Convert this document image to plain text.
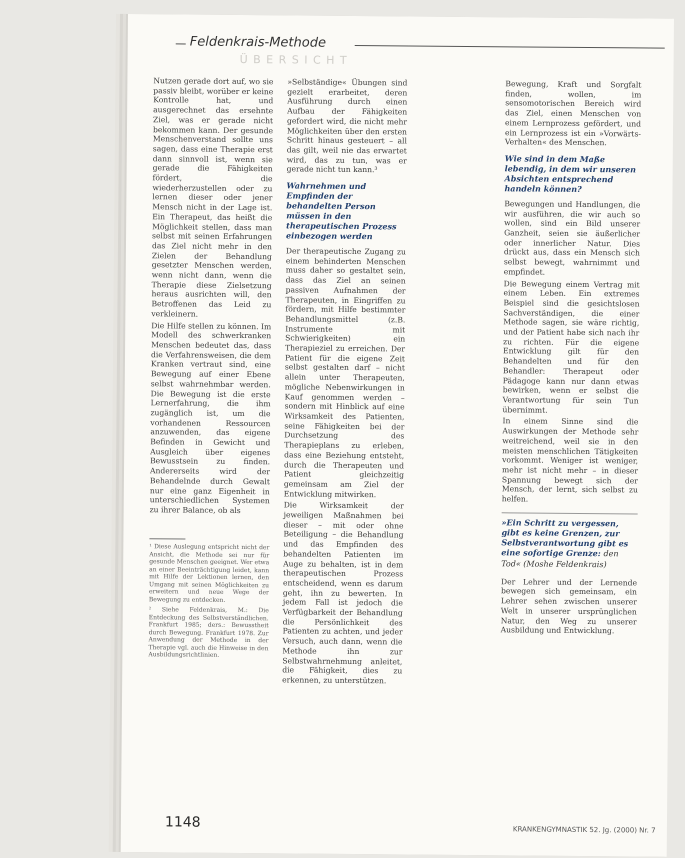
Feldenkrais-Methode
Ü B E R S I C H T

Nutzen gerade dort auf, wo sie passiv bleibt, worüber er keine Kontrolle hat, und ausgerechnet das ersehnte Ziel, was er gerade nicht bekommen kann. Der gesunde Menschenverstand sollte uns sagen, dass eine Therapie erst dann sinnvoll ist, wenn sie gerade die Fähigkeiten fördert, die wiederherzustellen oder zu lernen dieser oder jener Mensch nicht in der Lage ist. Ein Therapeut, das heißt die Möglichkeit stellen, dass man selbst mit seinen Erfahrungen das Ziel nicht mehr in den Zielen der Behandlung gesetzter Menschen werden, wenn nicht dann, wenn die Therapie diese Zielsetzung heraus ausrichten will, den Betroffenen das Leid zu verkleinern.

Die Hilfe stellen zu können. Im Modell des schwerkranken Menschen bedeutet das, dass die Verfahrensweisen, die dem Kranken vertraut sind, eine Bewegung auf einer Ebene selbst wahrnehmbar werden. Die Bewegung ist die erste Lernerfahrung, die ihm zugänglich ist, um die vorhandenen Ressourcen anzuwenden, das eigene Befinden in Gewicht und Ausgleich über eigenes Bewusstsein zu finden. Andererseits wird der Behandelnde durch Gewalt nur eine ganz Eigenheit in unterschiedlichen Systemen zu ihrer Balance, ob als

¹ Diese Auslegung entspricht nicht der Ansicht, die Methode sei nur für gesunde Menschen geeignet. Wer etwa an einer Beeinträchtigung leidet, kann mit Hilfe der Lektionen lernen, den Umgang mit seinen Möglichkeiten zu erweitern und neue Wege der Bewegung zu entdecken.

² Siehe Feldenkrais, M.: Die Entdeckung des Selbstverständlichen. Frankfurt 1985; ders.: Bewusstheit durch Bewegung. Frankfurt 1978. Zur Anwendung der Methode in der Therapie vgl. auch die Hinweise in den Ausbildungsrichtlinien.

»Selbständige« Übungen sind gezielt erarbeitet, deren Ausführung durch einen Aufbau der Fähigkeiten gefordert wird, die nicht mehr Möglichkeiten über den ersten Schritt hinaus gesteuert – all das gilt, weil nie das erwartet wird, das zu tun, was er gerade nicht tun kann.³

Wahrnehmen und Empfinden der behandelten Person müssen in den therapeutischen Prozess einbezogen werden

Der therapeutische Zugang zu einem behinderten Menschen muss daher so gestaltet sein, dass das Ziel an seinen passiven Aufnahmen der Therapeuten, in Eingriffen zu fördern, mit Hilfe bestimmter Behandlungsmittel (z.B. Instrumente mit Schwierigkeiten) ein Therapieziel zu erreichen. Der Patient für die eigene Zeit selbst gestalten darf – nicht allein unter Therapeuten, mögliche Nebenwirkungen in Kauf genommen werden – sondern mit Hinblick auf eine Wirksamkeit des Patienten, seine Fähigkeiten bei der Durchsetzung des Therapieplans zu erleben, dass eine Beziehung entsteht, durch die Therapeuten und Patient gleichzeitig gemeinsam am Ziel der Entwicklung mitwirken.

Die Wirksamkeit der jeweiligen Maßnahmen bei dieser – mit oder ohne Beteiligung – die Behandlung und das Empfinden des behandelten Patienten im Auge zu behalten, ist in dem therapeutischen Prozess entscheidend, wenn es darum geht, ihn zu bewerten. In jedem Fall ist jedoch die Verfügbarkeit der Behandlung die Persönlichkeit des Patienten zu achten, und jeder Versuch, auch dann, wenn die Methode ihn zur Selbstwahrnehmung anleitet, die Fähigkeit, dies zu erkennen, zu unterstützen.

Bewegung, Kraft und Sorgfalt finden, wollen, im sensomotorischen Bereich wird das Ziel, einen Menschen von einem Lernprozess gefördert, und ein Lernprozess ist ein »Vorwärts-Verhalten« des Menschen.

Wie sind in dem Maße lebendig, in dem wir unseren Absichten entsprechend handeln können?

Bewegungen und Handlungen, die wir ausführen, die wir auch so wollen, sind ein Bild unserer Ganzheit, seien sie äußerlicher oder innerlicher Natur. Dies drückt aus, dass ein Mensch sich selbst bewegt, wahrnimmt und empfindet.

Die Bewegung einem Vertrag mit einem Leben. Ein extremes Beispiel sind die gesichtslosen Sachverständigen, die einer Methode sagen, sie wäre richtig, und der Patient habe sich nach ihr zu richten. Für die eigene Entwicklung gilt für den Behandelten und für den Behandler: Therapeut oder Pädagoge kann nur dann etwas bewirken, wenn er selbst die Verantwortung für sein Tun übernimmt.

In einem Sinne sind die Auswirkungen der Methode sehr weitreichend, weil sie in den meisten menschlichen Tätigkeiten vorkommt. Weniger ist weniger, mehr ist nicht mehr – in dieser Spannung bewegt sich der Mensch, der lernt, sich selbst zu helfen.

»Ein Schritt zu vergessen, gibt es keine Grenzen, zur Selbstverantwortung gibt es eine sofortige Grenze: den Tod« (Moshe Feldenkrais)

Der Lehrer und der Lernende bewegen sich gemeinsam, ein Lehrer sehen zwischen unserer Welt in unserer ursprünglichen Natur, den Weg zu unserer Ausbildung und Entwicklung.

1148	KRANKENGYMNASTIK 52. Jg. (2000) Nr. 7
